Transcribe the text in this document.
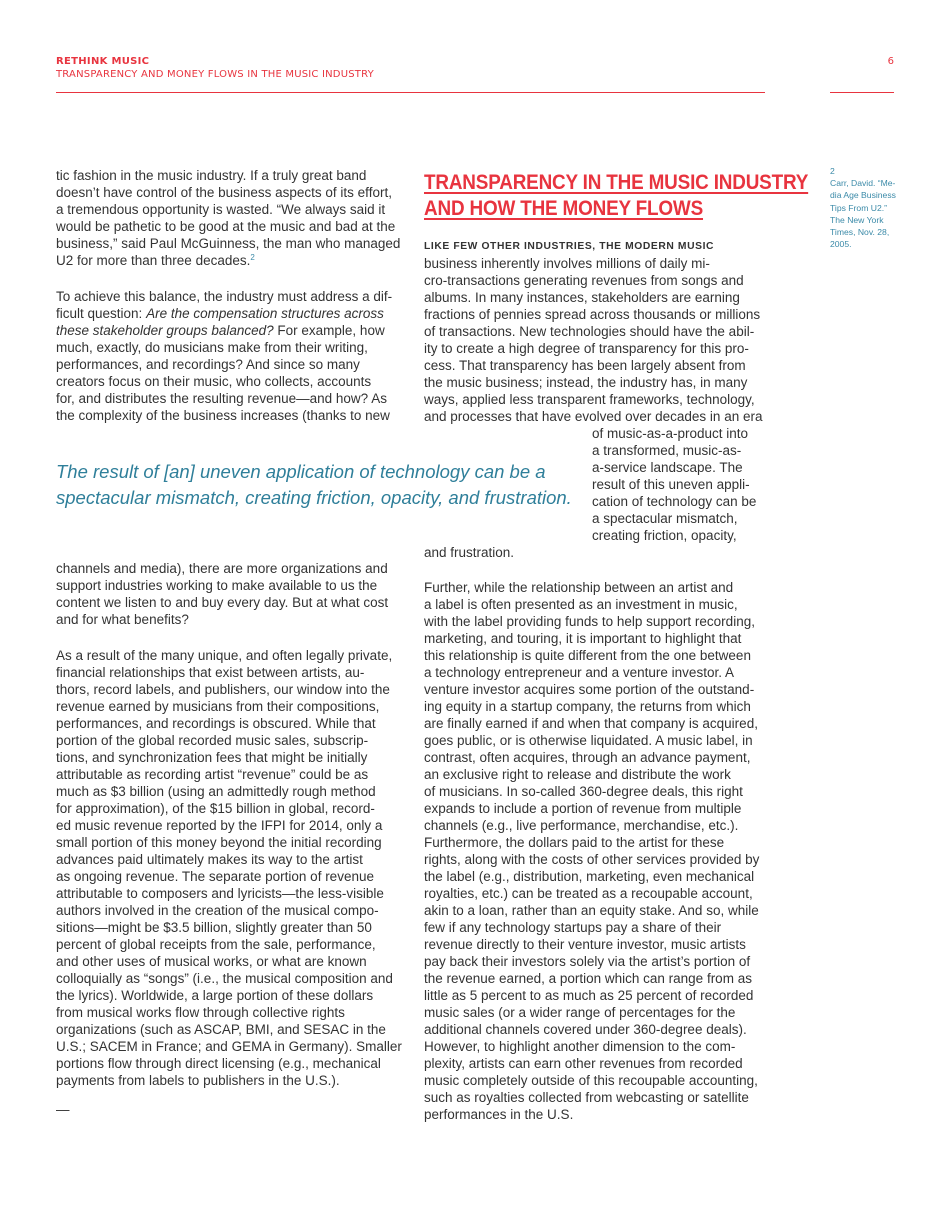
RETHINK MUSIC
TRANSPARENCY AND MONEY FLOWS IN THE MUSIC INDUSTRY
6
2
Carr, David. “Me-
dia Age Business
Tips From U2.”
The New York
Times, Nov. 28,
2005.
tic fashion in the music industry. If a truly great band
doesn’t have control of the business aspects of its effort,
a tremendous opportunity is wasted. “We always said it
would be pathetic to be good at the music and bad at the
business,” said Paul McGuinness, the man who managed
U2 for more than three decades.$^2$
To achieve this balance, the industry must address a dif-
ficult question: Are the compensation structures across
these stakeholder groups balanced? For example, how
much, exactly, do musicians make from their writing,
performances, and recordings? And since so many
creators focus on their music, who collects, accounts
for, and distributes the resulting revenue—and how? As
the complexity of the business increases (thanks to new
TRANSPARENCY IN THE MUSIC INDUSTRY
AND HOW THE MONEY FLOWS
LIKE FEW OTHER INDUSTRIES, THE MODERN MUSIC
business inherently involves millions of daily mi-
cro-transactions generating revenues from songs and
albums. In many instances, stakeholders are earning
fractions of pennies spread across thousands or millions
of transactions. New technologies should have the abil-
ity to create a high degree of transparency for this pro-
cess. That transparency has been largely absent from
the music business; instead, the industry has, in many
ways, applied less transparent frameworks, technology,
and processes that have evolved over decades in an era
of music-as-a-product into
a transformed, music-as-
a-service landscape. The
result of this uneven appli-
cation of technology can be
a spectacular mismatch,
creating friction, opacity,
and frustration.
Further, while the relationship between an artist and
a label is often presented as an investment in music,
with the label providing funds to help support recording,
marketing, and touring, it is important to highlight that
this relationship is quite different from the one between
a technology entrepreneur and a venture investor. A
venture investor acquires some portion of the outstand-
ing equity in a startup company, the returns from which
are finally earned if and when that company is acquired,
goes public, or is otherwise liquidated. A music label, in
contrast, often acquires, through an advance payment,
an exclusive right to release and distribute the work
of musicians. In so-called 360-degree deals, this right
expands to include a portion of revenue from multiple
channels (e.g., live performance, merchandise, etc.).
Furthermore, the dollars paid to the artist for these
rights, along with the costs of other services provided by
the label (e.g., distribution, marketing, even mechanical
royalties, etc.) can be treated as a recoupable account,
akin to a loan, rather than an equity stake. And so, while
few if any technology startups pay a share of their
revenue directly to their venture investor, music artists
pay back their investors solely via the artist’s portion of
the revenue earned, a portion which can range from as
little as 5 percent to as much as 25 percent of recorded
music sales (or a wider range of percentages for the
additional channels covered under 360-degree deals).
However, to highlight another dimension to the com-
plexity, artists can earn other revenues from recorded
music completely outside of this recoupable accounting,
such as royalties collected from webcasting or satellite
performances in the U.S.
The result of [an] uneven application of technology can be a
spectacular mismatch, creating friction, opacity, and frustration.
channels and media), there are more organizations and
support industries working to make available to us the
content we listen to and buy every day. But at what cost
and for what benefits?
As a result of the many unique, and often legally private,
financial relationships that exist between artists, au-
thors, record labels, and publishers, our window into the
revenue earned by musicians from their compositions,
performances, and recordings is obscured. While that
portion of the global recorded music sales, subscrip-
tions, and synchronization fees that might be initially
attributable as recording artist “revenue” could be as
much as $3 billion (using an admittedly rough method
for approximation), of the $15 billion in global, record-
ed music revenue reported by the IFPI for 2014, only a
small portion of this money beyond the initial recording
advances paid ultimately makes its way to the artist
as ongoing revenue. The separate portion of revenue
attributable to composers and lyricists—the less-visible
authors involved in the creation of the musical compo-
sitions—might be $3.5 billion, slightly greater than 50
percent of global receipts from the sale, performance,
and other uses of musical works, or what are known
colloquially as “songs” (i.e., the musical composition and
the lyrics). Worldwide, a large portion of these dollars
from musical works flow through collective rights
organizations (such as ASCAP, BMI, and SESAC in the
U.S.; SACEM in France; and GEMA in Germany). Smaller
portions flow through direct licensing (e.g., mechanical
payments from labels to publishers in the U.S.).
—
